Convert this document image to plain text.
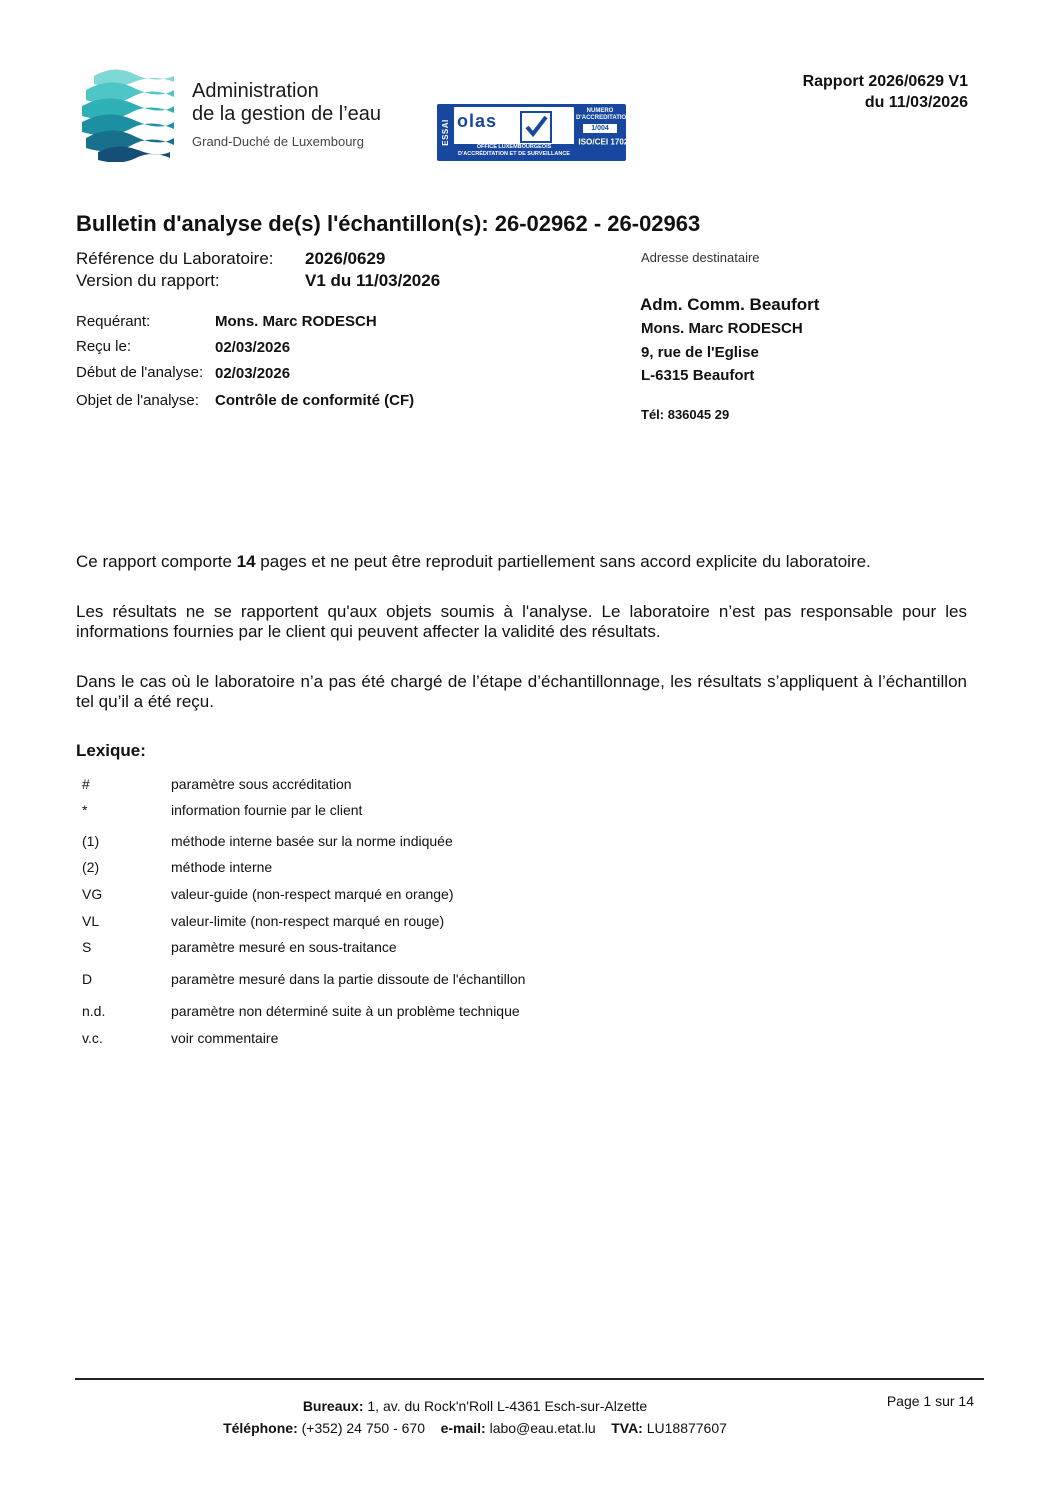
Administration
de la gestion de l’eau
Grand-Duché de Luxembourg	ESSAI olas
OFFICE LUXEMBOURGEOIS
D'ACCRÉDITATION ET DE SURVEILLANCE
NUMERO
D'ACCREDITATION:
1/004
ISO/CEI 17025
Rapport 2026/0629 V1
du 11/03/2026
Bulletin d'analyse de(s) l'échantillon(s): 26-02962 - 26-02963
Référence du Laboratoire: 2026/0629
Version du rapport:	V1 du 11/03/2026
Requérant:	Mons. Marc RODESCH
Reçu le:	02/03/2026
Début de l'analyse: 02/03/2026
Objet de l'analyse: Contrôle de conformité (CF)
Adresse destinataire
Adm. Comm. Beaufort
Mons. Marc RODESCH
9, rue de l'Eglise
L-6315 Beaufort
Tél: 836045 29
Ce rapport comporte 14 pages et ne peut être reproduit partiellement sans accord explicite du laboratoire.
Les résultats ne se rapportent qu'aux objets soumis à l'analyse. Le laboratoire n’est pas responsable pour les informations fournies par le client qui peuvent affecter la validité des résultats.
Dans le cas où le laboratoire n’a pas été chargé de l’étape d’échantillonnage, les résultats s’appliquent à l’échantillon tel qu’il a été reçu.
Lexique:
#	paramètre sous accréditation
*	information fournie par le client
(1)	méthode interne basée sur la norme indiquée
(2)	méthode interne
VG	valeur-guide (non-respect marqué en orange)
VL	valeur-limite (non-respect marqué en rouge)
S	paramètre mesuré en sous-traitance
D	paramètre mesuré dans la partie dissoute de l'échantillon
n.d.	paramètre non déterminé suite à un problème technique
v.c.	voir commentaire
Bureaux: 1, av. du Rock'n'Roll L-4361 Esch-sur-Alzette
Téléphone: (+352) 24 750 - 670 e-mail: labo@eau.etat.lu TVA: LU18877607
Page 1 sur 14
